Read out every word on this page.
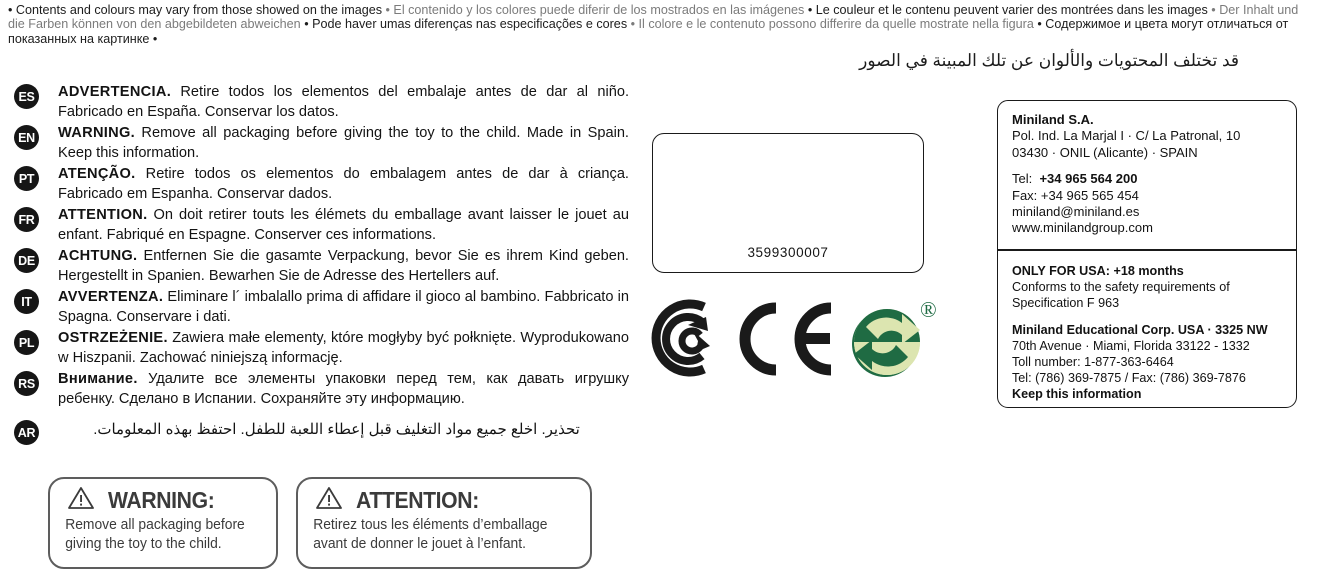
• Contents and colours may vary from those showed on the images • El contenido y los colores puede diferir de los mostrados en las imágenes • Le couleur et le contenu peuvent varier des montrées dans les images • Der Inhalt und die Farben können von den abgebildeten abweichen • Pode haver umas diferenças nas especificações e cores • Il colore e le contenuto possono differire da quelle mostrate nella figura • Содержимое и цвета могут отличаться от показанных на картинке •
قد تختلف المحتويات والألوان عن تلك المبينة في الصور
ES	ADVERTENCIA. Retire todos los elementos del embalaje antes de dar al niño. Fabricado en España. Conservar los datos.
EN WARNING. Remove all packaging before giving the toy to the child. Made in Spain. Keep this information.
PT	ATENÇÃO. Retire todos os elementos do embalagem antes de dar à criança. Fabricado em Espanha. Conservar dados.
FR	ATTENTION. On doit retirer touts les élémets du emballage avant laisser le jouet au enfant. Fabriqué en Espagne. Conserver ces informations.
DE ACHTUNG. Entfernen Sie die gasamte Verpackung, bevor Sie es ihrem Kind geben. Hergestellt in Spanien. Bewarhen Sie de Adresse des Hertellers auf.
IT	AVVERTENZA. Eliminare l´ imbalallo prima di affidare il gioco al bambino. Fabbricato in Spagna. Conservare i dati.
PL	OSTRZEŻENIE. Zawiera małe elementy, które mogłyby być połknięte. Wyprodukowano w Hiszpanii. Zachować niniejszą informację.
RS Внимание. Удалите все элементы упаковки перед тем, как давать игрушку ребенку. Сделано в Испании. Сохраняйте эту информацию.
AR	تحذير. اخلع جميع مواد التغليف قبل إعطاء اللعبة للطفل. احتفظ بهذه المعلومات.
3599300007
®
Miniland S.A.
Pol. Ind. La Marjal I · C/ La Patronal, 10
03430 · ONIL (Alicante) · SPAIN
Tel: +34 965 564 200
Fax: +34 965 565 454
miniland@miniland.es
www.minilandgroup.com
ONLY FOR USA: +18 months
Conforms to the safety requirements of
Specification F 963
Miniland Educational Corp. USA · 3325 NW
70th Avenue · Miami, Florida 33122 - 1332
Toll number: 1-877-363-6464
Tel: (786) 369-7875 / Fax: (786) 369-7876
Keep this information
WARNING:
Remove all packaging before
giving the toy to the child.
ATTENTION:
Retirez tous les éléments d’emballage
avant de donner le jouet à l’enfant.
